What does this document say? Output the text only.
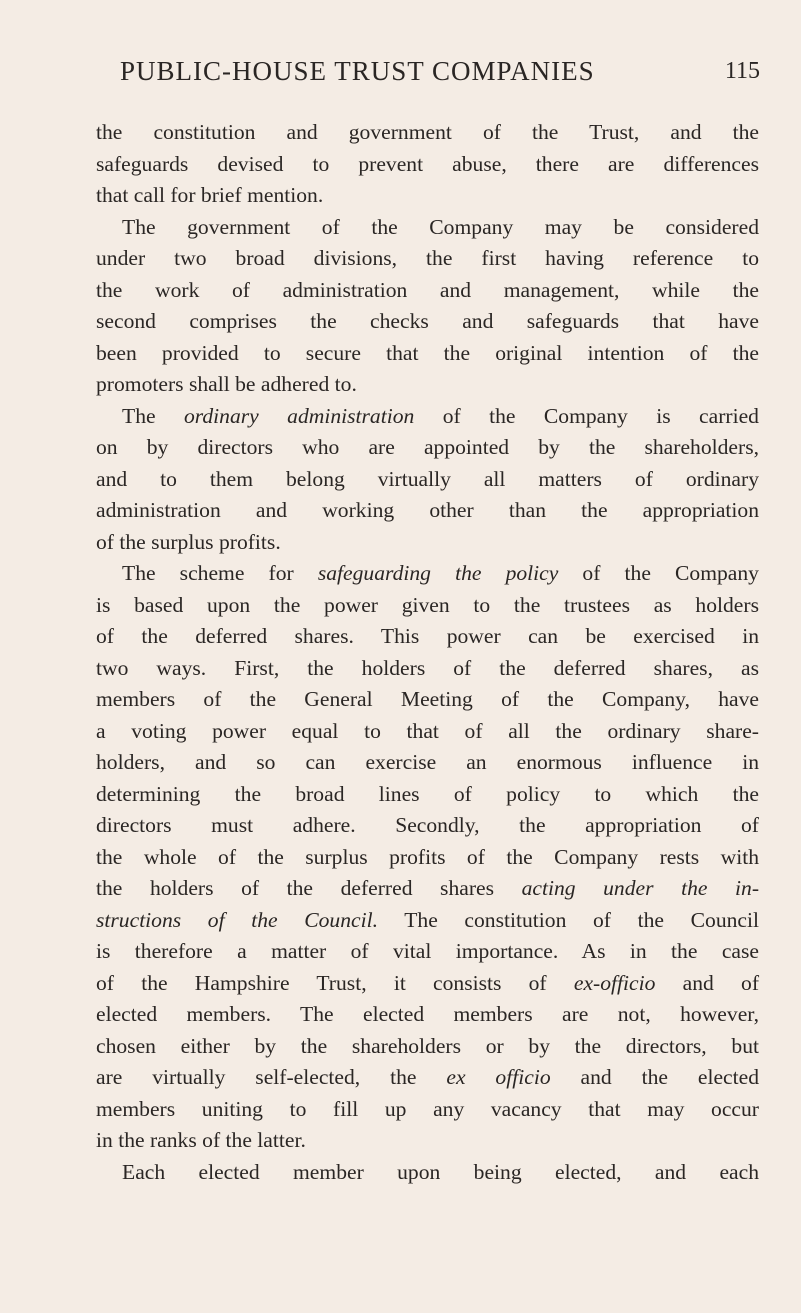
PUBLIC-HOUSE TRUST COMPANIES	115

the constitution and government of the Trust, and the

safeguards devised to prevent abuse, there are differences

that call for brief mention.

The government of the Company may be considered

under two broad divisions, the first having reference to

the work of administration and management, while the

second comprises the checks and safeguards that have

been provided to secure that the original intention of the

promoters shall be adhered to.

The ordinary administration of the Company is carried

on by directors who are appointed by the shareholders,

and to them belong virtually all matters of ordinary

administration and working other than the appropriation

of the surplus profits.

The scheme for safeguarding the policy of the Company

is based upon the power given to the trustees as holders

of the deferred shares. This power can be exercised in

two ways. First, the holders of the deferred shares, as

members of the General Meeting of the Company, have

a voting power equal to that of all the ordinary share-

holders, and so can exercise an enormous influence in

determining the broad lines of policy to which the

directors must adhere. Secondly, the appropriation of

the whole of the surplus profits of the Company rests with

the holders of the deferred shares acting under the in-

structions of the Council. The constitution of the Council

is therefore a matter of vital importance. As in the case

of the Hampshire Trust, it consists of ex-officio and of

elected members. The elected members are not, however,

chosen either by the shareholders or by the directors, but

are virtually self-elected, the ex officio and the elected

members uniting to fill up any vacancy that may occur

in the ranks of the latter.

Each elected member upon being elected, and each
